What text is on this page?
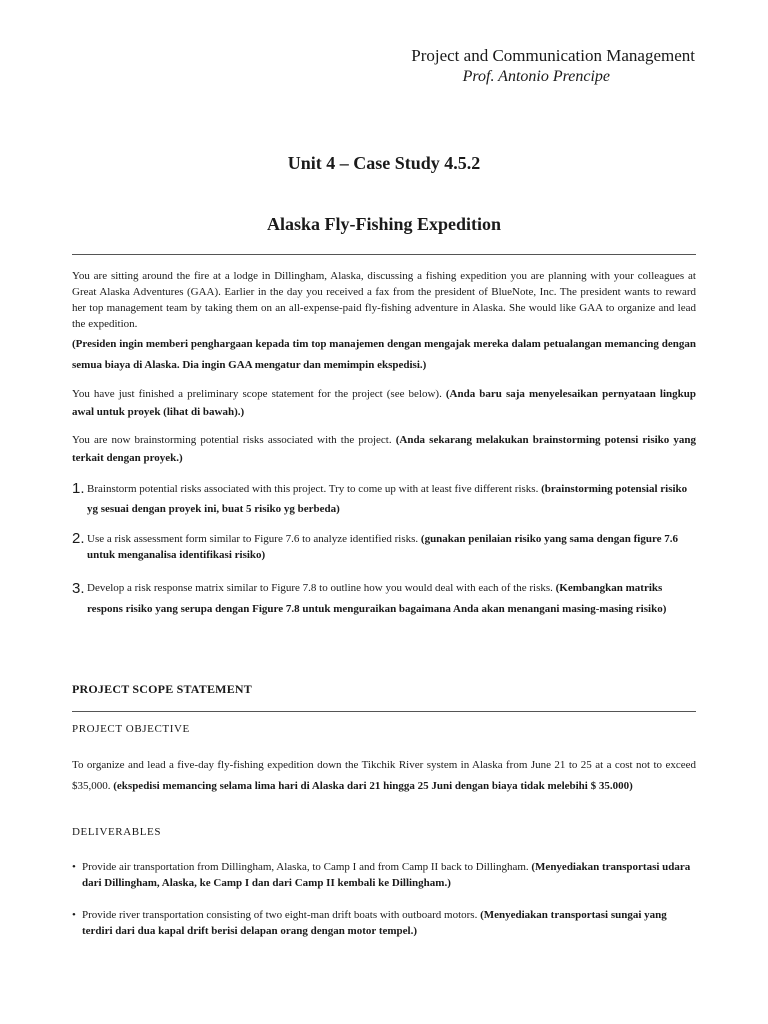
Project and Communication Management
Prof. Antonio Prencipe
Unit 4 – Case Study 4.5.2
Alaska Fly-Fishing Expedition
You are sitting around the fire at a lodge in Dillingham, Alaska, discussing a fishing expedition you are planning with your colleagues at Great Alaska Adventures (GAA). Earlier in the day you received a fax from the president of BlueNote, Inc. The president wants to reward her top management team by taking them on an all-expense-paid fly-fishing adventure in Alaska. She would like GAA to organize and lead the expedition.
(Presiden ingin memberi penghargaan kepada tim top manajemen dengan mengajak mereka dalam petualangan memancing dengan semua biaya di Alaska. Dia ingin GAA mengatur dan memimpin ekspedisi.)
You have just finished a preliminary scope statement for the project (see below). (Anda baru saja menyelesaikan pernyataan lingkup awal untuk proyek (lihat di bawah).)
You are now brainstorming potential risks associated with the project. (Anda sekarang melakukan brainstorming potensi risiko yang terkait dengan proyek.)
1. Brainstorm potential risks associated with this project. Try to come up with at least five different risks. (brainstorming potensial risiko yg sesuai dengan proyek ini, buat 5 risiko yg berbeda)
2. Use a risk assessment form similar to Figure 7.6 to analyze identified risks. (gunakan penilaian risiko yang sama dengan figure 7.6 untuk menganalisa identifikasi risiko)
3. Develop a risk response matrix similar to Figure 7.8 to outline how you would deal with each of the risks. (Kembangkan matriks respons risiko yang serupa dengan Figure 7.8 untuk menguraikan bagaimana Anda akan menangani masing-masing risiko)
PROJECT SCOPE STATEMENT
PROJECT OBJECTIVE
To organize and lead a five-day fly-fishing expedition down the Tikchik River system in Alaska from June 21 to 25 at a cost not to exceed $35,000. (ekspedisi memancing selama lima hari di Alaska dari 21 hingga 25 Juni dengan biaya tidak melebihi $ 35.000)
DELIVERABLES
• Provide air transportation from Dillingham, Alaska, to Camp I and from Camp II back to Dillingham. (Menyediakan transportasi udara dari Dillingham, Alaska, ke Camp I dan dari Camp II kembali ke Dillingham.)
• Provide river transportation consisting of two eight-man drift boats with outboard motors. (Menyediakan transportasi sungai yang terdiri dari dua kapal drift berisi delapan orang dengan motor tempel.)
